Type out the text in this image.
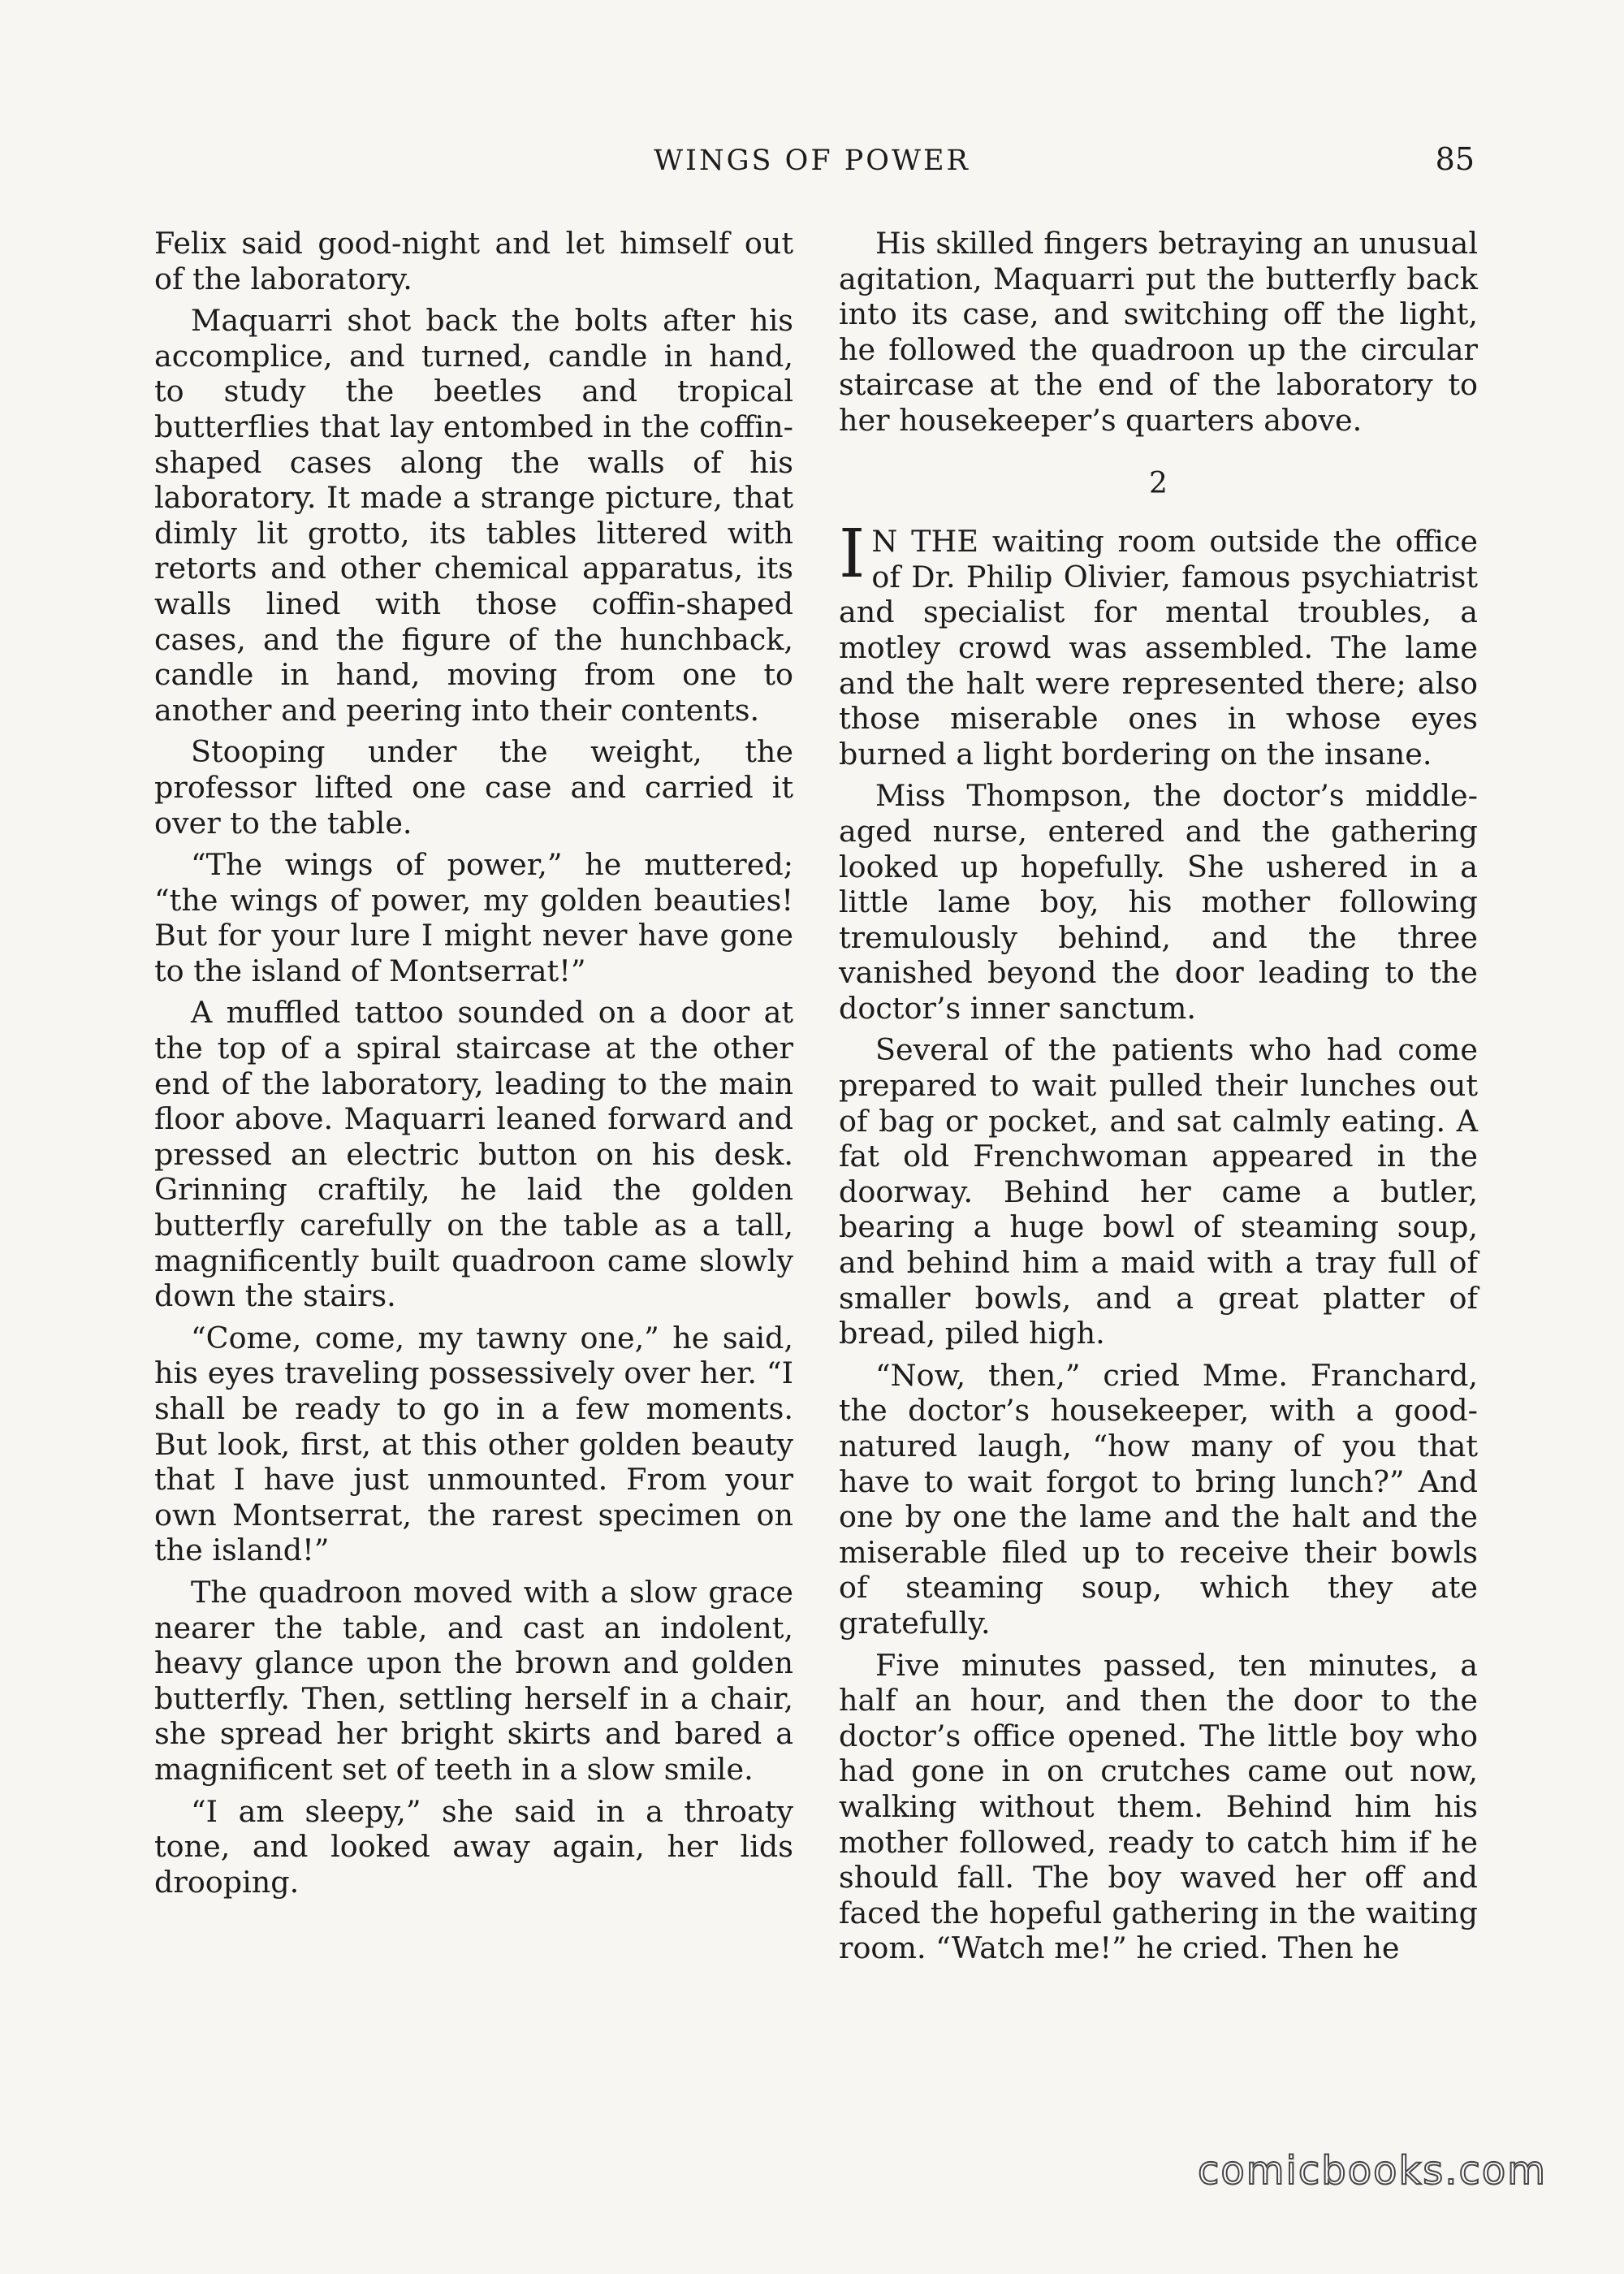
WINGS OF POWER	85

Felix said good-night and let himself out of the laboratory.

Maquarri shot back the bolts after his accomplice, and turned, candle in hand, to study the beetles and tropical butterflies that lay entombed in the coffin-shaped cases along the walls of his laboratory. It made a strange picture, that dimly lit grotto, its tables littered with retorts and other chemical apparatus, its walls lined with those coffin-shaped cases, and the figure of the hunchback, candle in hand, moving from one to another and peering into their contents.

Stooping under the weight, the professor lifted one case and carried it over to the table.

“The wings of power,” he muttered; “the wings of power, my golden beauties! But for your lure I might never have gone to the island of Montserrat!”

A muffled tattoo sounded on a door at the top of a spiral staircase at the other end of the laboratory, leading to the main floor above. Maquarri leaned forward and pressed an electric button on his desk. Grinning craftily, he laid the golden butterfly carefully on the table as a tall, magnificently built quadroon came slowly down the stairs.

“Come, come, my tawny one,” he said, his eyes traveling possessively over her. “I shall be ready to go in a few moments. But look, first, at this other golden beauty that I have just unmounted. From your own Montserrat, the rarest specimen on the island!”

The quadroon moved with a slow grace nearer the table, and cast an indolent, heavy glance upon the brown and golden butterfly. Then, settling herself in a chair, she spread her bright skirts and bared a magnificent set of teeth in a slow smile.

“I am sleepy,” she said in a throaty tone, and looked away again, her lids drooping.

His skilled fingers betraying an unusual agitation, Maquarri put the butterfly back into its case, and switching off the light, he followed the quadroon up the circular staircase at the end of the laboratory to her housekeeper’s quarters above.

2

I N THE waiting room outside the office of Dr. Philip Olivier, famous psychiatrist and specialist for mental troubles, a motley crowd was assembled. The lame and the halt were represented there; also those miserable ones in whose eyes burned a light bordering on the insane.

Miss Thompson, the doctor’s middle-aged nurse, entered and the gathering looked up hopefully. She ushered in a little lame boy, his mother following tremulously behind, and the three vanished beyond the door leading to the doctor’s inner sanctum.

Several of the patients who had come prepared to wait pulled their lunches out of bag or pocket, and sat calmly eating. A fat old Frenchwoman appeared in the doorway. Behind her came a butler, bearing a huge bowl of steaming soup, and behind him a maid with a tray full of smaller bowls, and a great platter of bread, piled high.

“Now, then,” cried Mme. Franchard, the doctor’s housekeeper, with a good-natured laugh, “how many of you that have to wait forgot to bring lunch?” And one by one the lame and the halt and the miserable filed up to receive their bowls of steaming soup, which they ate gratefully.

Five minutes passed, ten minutes, a half an hour, and then the door to the doctor’s office opened. The little boy who had gone in on crutches came out now, walking without them. Behind him his mother followed, ready to catch him if he should fall. The boy waved her off and faced the hopeful gathering in the waiting room. “Watch me!” he cried. Then he

comicbooks.com
